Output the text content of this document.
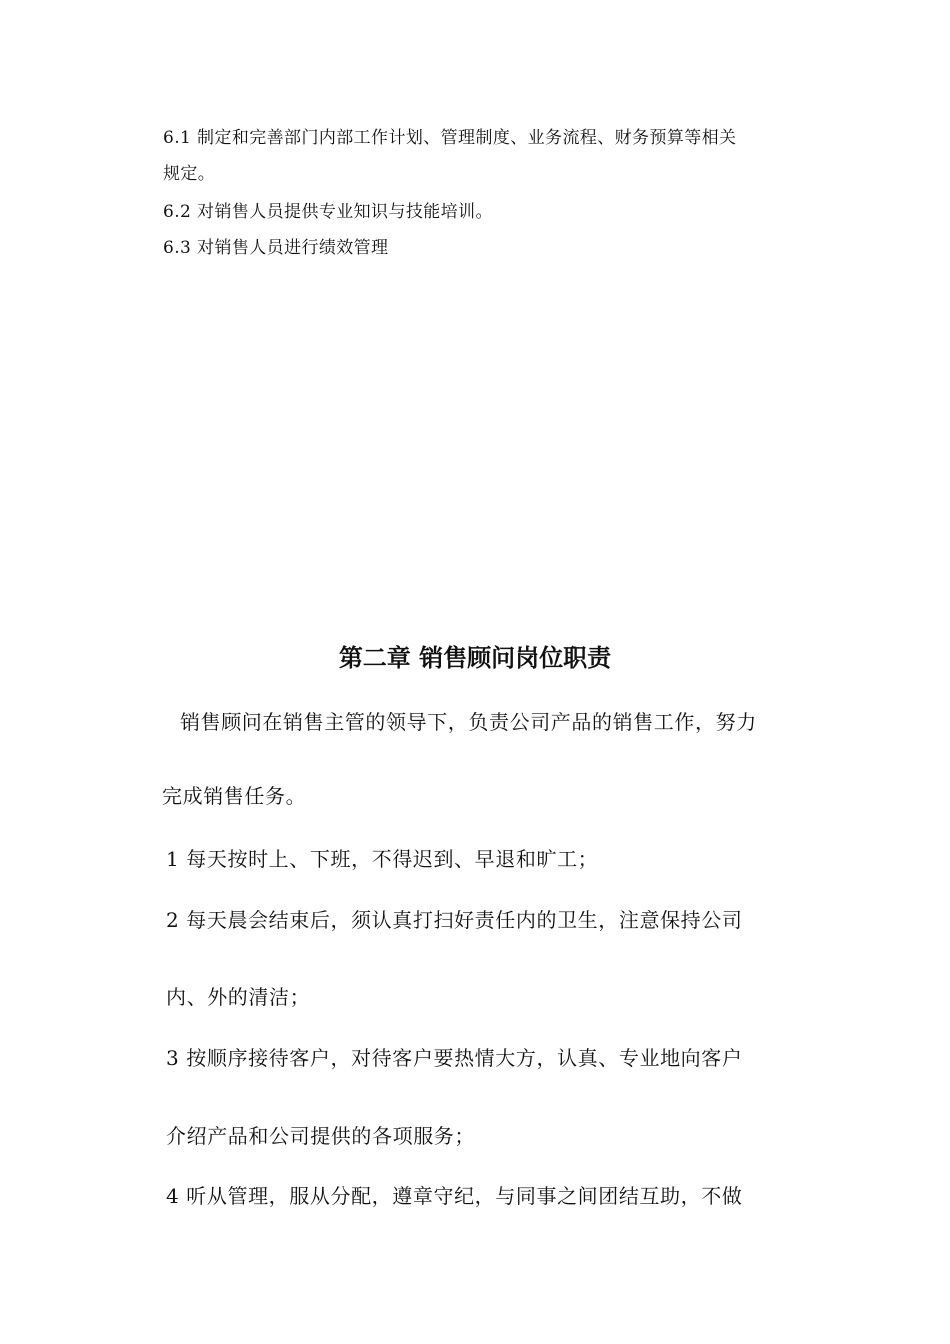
6.1 制定和完善部门内部工作计划、管理制度、业务流程、财务预算等相关
规定。
6.2 对销售人员提供专业知识与技能培训。
6.3 对销售人员进行绩效管理
第二章 销售顾问岗位职责
销售顾问在销售主管的领导下，负责公司产品的销售工作，努力
完成销售任务。
1 每天按时上、下班，不得迟到、早退和旷工；
2 每天晨会结束后，须认真打扫好责任内的卫生，注意保持公司
内、外的清洁；
3 按顺序接待客户，对待客户要热情大方，认真、专业地向客户
介绍产品和公司提供的各项服务；
4 听从管理，服从分配，遵章守纪，与同事之间团结互助，不做
